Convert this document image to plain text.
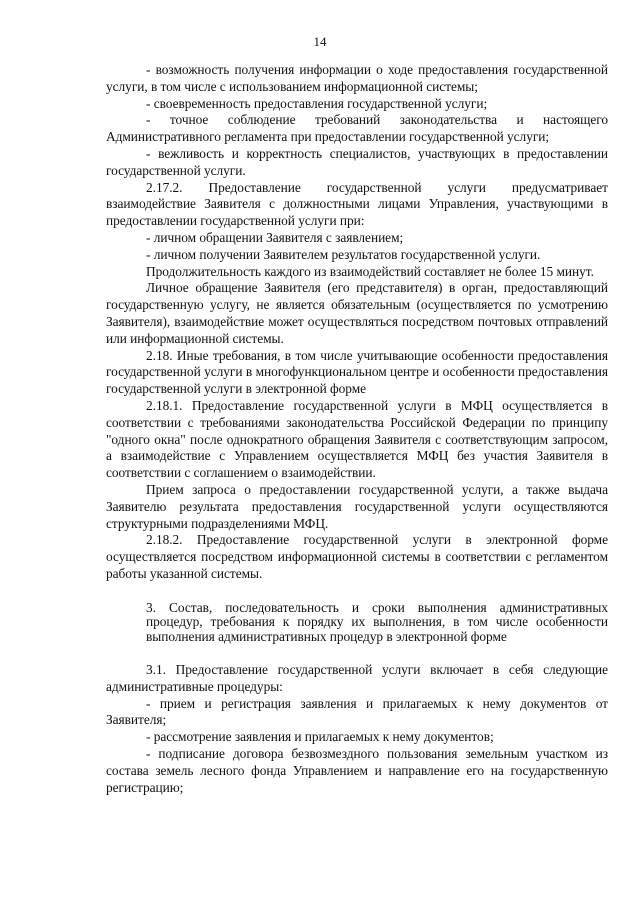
14

- возможность получения информации о ходе предоставления государственной услуги, в том числе с использованием информационной системы;

- своевременность предоставления государственной услуги;

- точное соблюдение требований законодательства и настоящего Административного регламента при предоставлении государственной услуги;

- вежливость и корректность специалистов, участвующих в предоставлении государственной услуги.

2.17.2. Предоставление государственной услуги предусматривает взаимодействие Заявителя с должностными лицами Управления, участвующими в предоставлении государственной услуги при:

- личном обращении Заявителя с заявлением;

- личном получении Заявителем результатов государственной услуги.

Продолжительность каждого из взаимодействий составляет не более 15 минут.

Личное обращение Заявителя (его представителя) в орган, предоставляющий государственную услугу, не является обязательным (осуществляется по усмотрению Заявителя), взаимодействие может осуществляться посредством почтовых отправлений или информационной системы.

2.18. Иные требования, в том числе учитывающие особенности предоставления государственной услуги в многофункциональном центре и особенности предоставления государственной услуги в электронной форме

2.18.1. Предоставление государственной услуги в МФЦ осуществляется в соответствии с требованиями законодательства Российской Федерации по принципу "одного окна" после однократного обращения Заявителя с соответствующим запросом, а взаимодействие с Управлением осуществляется МФЦ без участия Заявителя в соответствии с соглашением о взаимодействии.

Прием запроса о предоставлении государственной услуги, а также выдача Заявителю результата предоставления государственной услуги осуществляются структурными подразделениями МФЦ.

2.18.2. Предоставление государственной услуги в электронной форме осуществляется посредством информационной системы в соответствии с регламентом работы указанной системы.

3. Состав, последовательность и сроки выполнения административных процедур, требования к порядку их выполнения, в том числе особенности выполнения административных процедур в электронной форме

3.1. Предоставление государственной услуги включает в себя следующие административные процедуры:

- прием и регистрация заявления и прилагаемых к нему документов от Заявителя;

- рассмотрение заявления и прилагаемых к нему документов;

- подписание договора безвозмездного пользования земельным участком из состава земель лесного фонда Управлением и направление его на государственную регистрацию;
